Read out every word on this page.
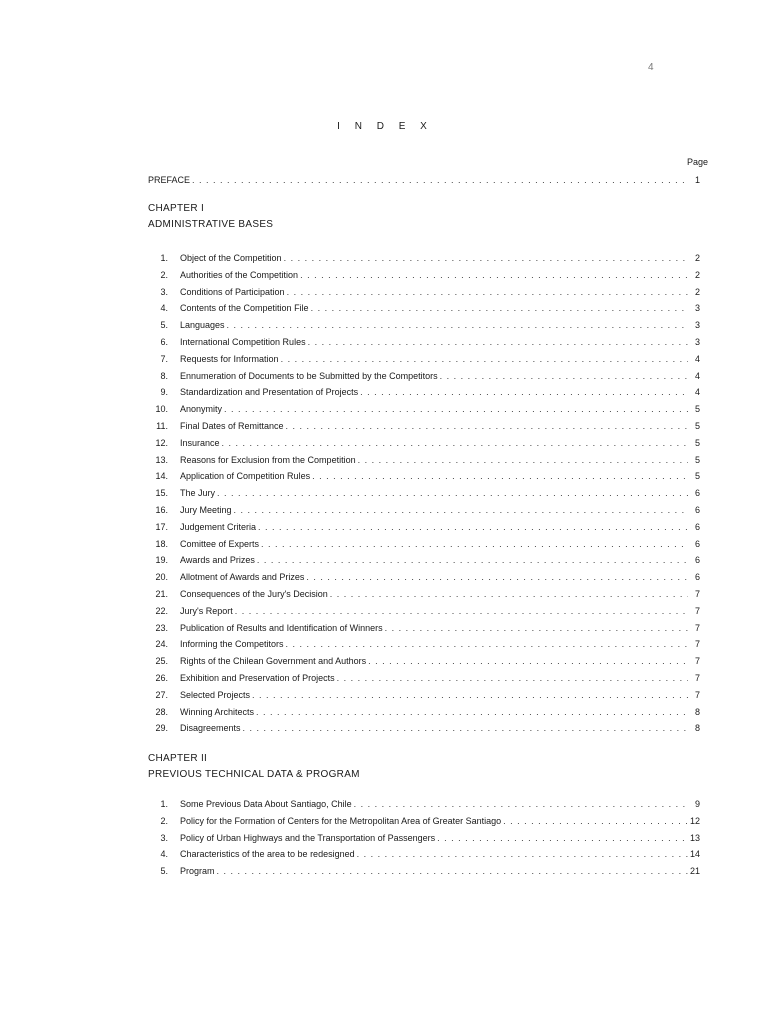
4
I N D E X
Page
PREFACE . . .	1
CHAPTER I
ADMINISTRATIVE BASES
1. Object of the Competition . . .	2
2. Authorities of the Competition . . .	2
3. Conditions of Participation . . .	2
4. Contents of the Competition File . . .	3
5. Languages . . .	3
6. International Competition Rules . . .	3
7. Requests for Information . . .	4
8. Ennumeration of Documents to be Submitted by the Competitors . . .	4
9. Standardization and Presentation of Projects . . .	4
10. Anonymity . . .	5
11. Final Dates of Remittance . . .	5
12. Insurance . . .	5
13. Reasons for Exclusion from the Competition . . .	5
14. Application of Competition Rules . . .	5
15. The Jury . . .	6
16. Jury Meeting . . .	6
17. Judgement Criteria . . .	6
18. Comittee of Experts . . .	6
19. Awards and Prizes . . .	6
20. Allotment of Awards and Prizes . . .	6
21. Consequences of the Jury's Decision . . .	7
22. Jury's Report . . .	7
23. Publication of Results and Identification of Winners . . .	7
24. Informing the Competitors . . .	7
25. Rights of the Chilean Government and Authors . . .	7
26. Exhibition and Preservation of Projects . . .	7
27. Selected Projects . . .	7
28. Winning Architects . . .	8
29. Disagreements . . .	8
CHAPTER II
PREVIOUS TECHNICAL DATA & PROGRAM
1. Some Previous Data About Santiago, Chile . . .	9
2. Policy for the Formation of Centers for the Metropolitan Area of Greater Santiago . . .	12
3. Policy of Urban Highways and the Transportation of Passengers . . .	13
4. Characteristics of the area to be redesigned . . .	14
5. Program . . .	21
